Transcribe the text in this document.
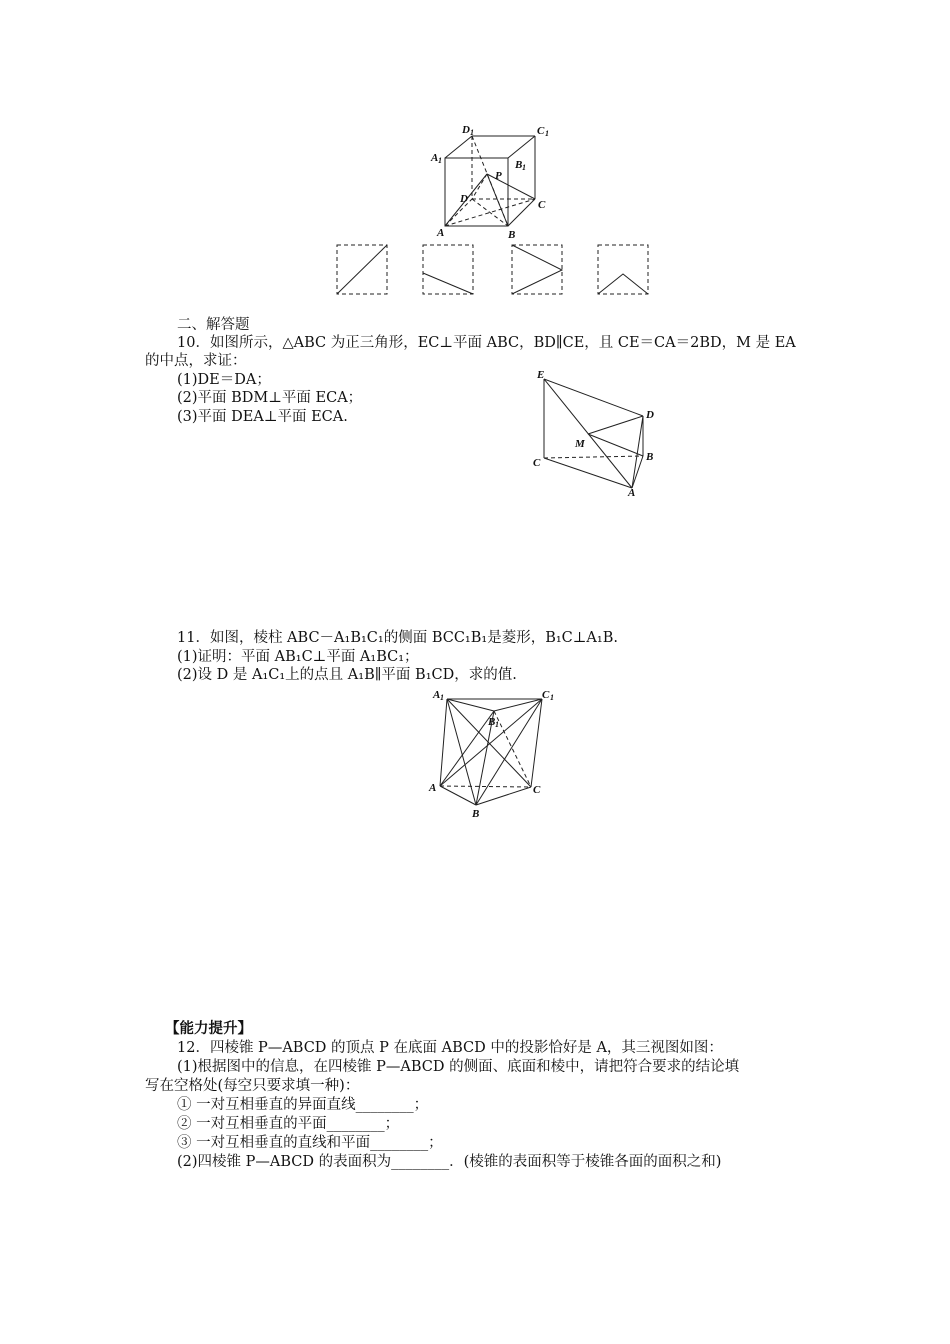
D 1	C 1
A 1	B 1
P
D	C
A	B
二、解答题
10．如图所示，△ABC 为正三角形，EC⊥平面 ABC，BD∥CE，且 CE＝CA＝2BD，M 是 EA
的中点，求证：
(1)DE＝DA；
(2)平面 BDM⊥平面 ECA；
(3)平面 DEA⊥平面 ECA.
E
D
M
C	B
A
11．如图，棱柱 ABC－A₁B₁C₁的侧面 BCC₁B₁是菱形，B₁C⊥A₁B.
(1)证明：平面 AB₁C⊥平面 A₁BC₁；
(2)设 D 是 A₁C₁上的点且 A₁B∥平面 B₁CD，求的值.
A 1	C 1
B 1
A	C
B
【能力提升】
12．四棱锥 P—ABCD 的顶点 P 在底面 ABCD 中的投影恰好是 A，其三视图如图：
(1)根据图中的信息，在四棱锥 P—ABCD 的侧面、底面和棱中，请把符合要求的结论填
写在空格处(每空只要求填一种)：
① 一对互相垂直的异面直线________；
② 一对互相垂直的平面________；
③ 一对互相垂直的直线和平面________；
(2)四棱锥 P—ABCD 的表面积为________．(棱锥的表面积等于棱锥各面的面积之和)
